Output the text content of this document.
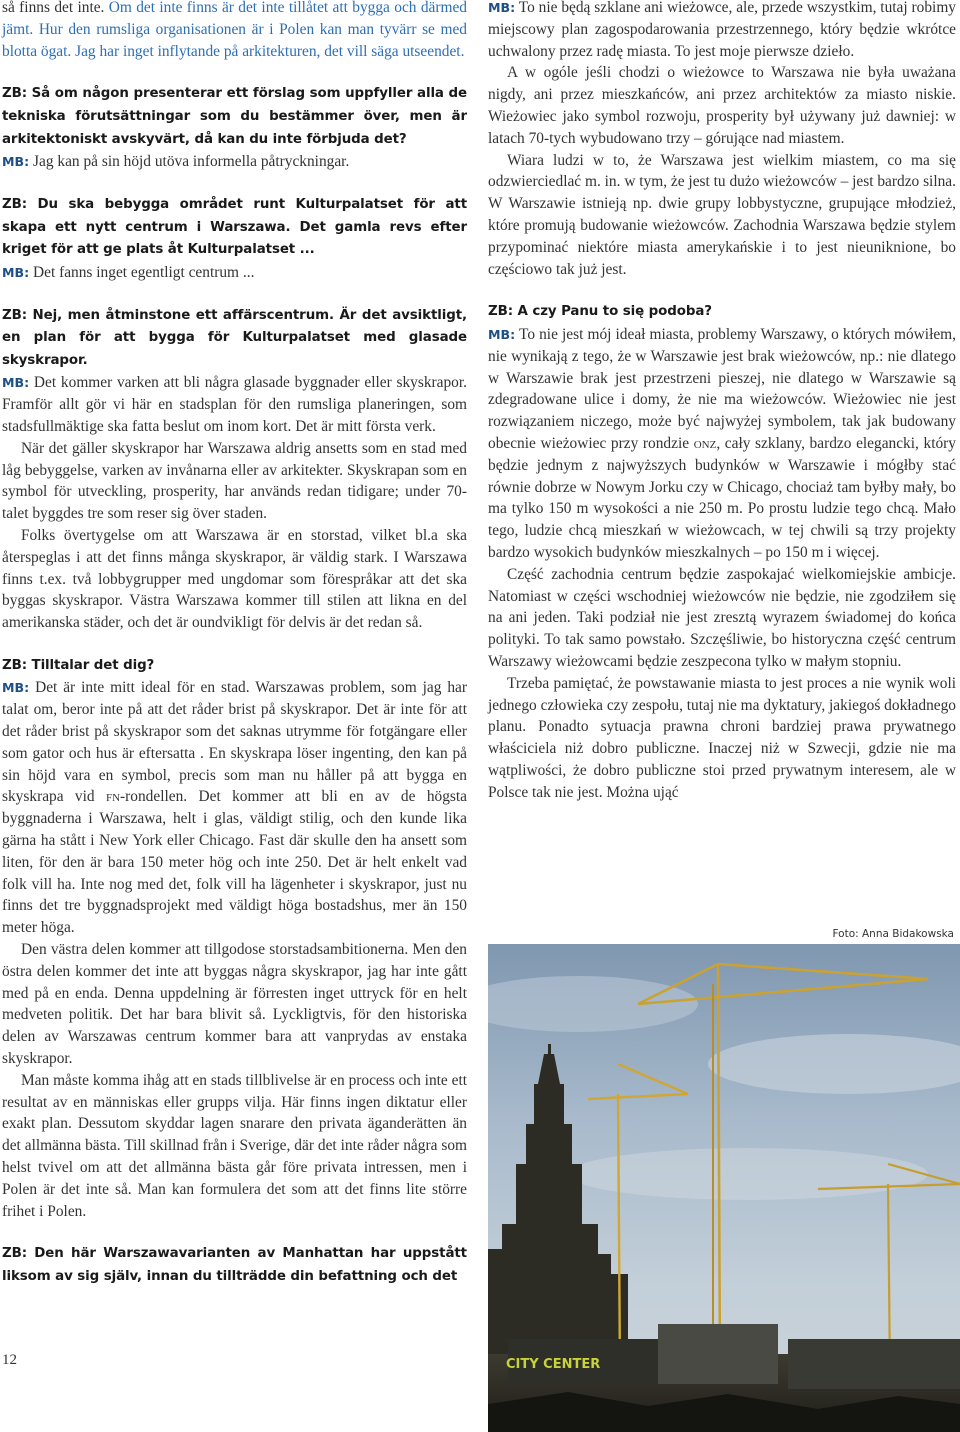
så finns det inte. Om det inte finns är det inte tillåtet att bygga och därmed jämt. Hur den rumsliga organisationen är i Polen kan man tyvärr se med blotta ögat. Jag har inget inflytande på arkitekturen, det vill säga utseendet.

ZB: Så om någon presenterar ett förslag som uppfyller alla de tekniska förutsättningar som du bestämmer över, men är arkitektoniskt avskyvärt, då kan du inte förbjuda det?

MB: Jag kan på sin höjd utöva informella påtryckningar.

ZB: Du ska bebygga området runt Kulturpalatset för att skapa ett nytt centrum i Warszawa. Det gamla revs efter kriget för att ge plats åt Kulturpalatset ...

MB: Det fanns inget egentligt centrum ...

ZB: Nej, men åtminstone ett affärscentrum. Är det avsiktligt, en plan för att bygga för Kulturpalatset med glasade skyskrapor.

MB: Det kommer varken att bli några glasade byggnader eller skyskrapor. Framför allt gör vi här en stadsplan för den rumsliga planeringen, som stadsfullmäktige ska fatta beslut om inom kort. Det är mitt första verk.

När det gäller skyskrapor har Warszawa aldrig ansetts som en stad med låg bebyggelse, varken av invånarna eller av arkitekter. Skyskrapan som en symbol för utveckling, prosperity, har används redan tidigare; under 70-talet byggdes tre som reser sig över staden.

Folks övertygelse om att Warszawa är en storstad, vilket bl.a ska återspeglas i att det finns många skyskrapor, är väldig stark. I Warszawa finns t.ex. två lobbygrupper med ungdomar som förespråkar att det ska byggas skyskrapor. Västra Warszawa kommer till stilen att likna en del amerikanska städer, och det är oundvikligt för delvis är det redan så.

ZB: Tilltalar det dig?

MB: Det är inte mitt ideal för en stad. Warszawas problem, som jag har talat om, beror inte på att det råder brist på skyskrapor. Det är inte för att det råder brist på skyskrapor som det saknas utrymme för fotgängare eller som gator och hus är eftersatta . En skyskrapa löser ingenting, den kan på sin höjd vara en symbol, precis som man nu håller på att bygga en skyskrapa vid fn-rondellen. Det kommer att bli en av de högsta byggnaderna i Warszawa, helt i glas, väldigt stilig, och den kunde lika gärna ha stått i New York eller Chicago. Fast där skulle den ha ansett som liten, för den är bara 150 meter hög och inte 250. Det är helt enkelt vad folk vill ha. Inte nog med det, folk vill ha lägenheter i skyskrapor, just nu finns det tre byggnadsprojekt med väldigt höga bostadshus, mer än 150 meter höga.

Den västra delen kommer att tillgodose storstadsambitionerna. Men den östra delen kommer det inte att byggas några skyskrapor, jag har inte gått med på en enda. Denna uppdelning är förresten inget uttryck för en helt medveten politik. Det har bara blivit så. Lyckligtvis, för den historiska delen av Warszawas centrum kommer bara att vanprydas av enstaka skyskrapor.

Man måste komma ihåg att en stads tillblivelse är en process och inte ett resultat av en människas eller grupps vilja. Här finns ingen diktatur eller exakt plan. Dessutom skyddar lagen snarare den privata äganderätten än det allmänna bästa. Till skillnad från i Sverige, där det inte råder några som helst tvivel om att det allmänna bästa går före privata intressen, men i Polen är det inte så. Man kan formulera det som att det finns lite större frihet i Polen.

ZB: Den här Warszawavarianten av Manhattan har uppstått liksom av sig själv, innan du tillträdde din befattning och det

MB: To nie będą szklane ani wieżowce, ale, przede wszystkim, tutaj robimy miejscowy plan zagospodarowania przestrzennego, który będzie wkrótce uchwalony przez radę miasta. To jest moje pierwsze dzieło.

A w ogóle jeśli chodzi o wieżowce to Warszawa nie była uważana nigdy, ani przez mieszkańców, ani przez architektów za miasto niskie. Wieżowiec jako symbol rozwoju, prosperity był używany już dawniej: w latach 70-tych wybudowano trzy – górujące nad miastem.

Wiara ludzi w to, że Warszawa jest wielkim miastem, co ma się odzwierciedlać m. in. w tym, że jest tu dużo wieżowców – jest bardzo silna. W Warszawie istnieją np. dwie grupy lobbystyczne, grupujące młodzież, które promują budowanie wieżowców. Zachodnia Warszawa będzie stylem przypominać niektóre miasta amerykańskie i to jest nieuniknione, bo częściowo tak już jest.

ZB: A czy Panu to się podoba?

MB: To nie jest mój ideał miasta, problemy Warszawy, o których mówiłem, nie wynikają z tego, że w Warszawie jest brak wieżowców, np.: nie dlatego w Warszawie brak jest przestrzeni pieszej, nie dlatego w Warszawie są zdegradowane ulice i domy, że nie ma wieżowców. Wieżowiec nie jest rozwiązaniem niczego, może być najwyżej symbolem, tak jak budowany obecnie wieżowiec przy rondzie onz, cały szklany, bardzo elegancki, który będzie jednym z najwyższych budynków w Warszawie i mógłby stać równie dobrze w Nowym Jorku czy w Chicago, chociaż tam byłby mały, bo ma tylko 150 m wysokości a nie 250 m. Po prostu ludzie tego chcą. Mało tego, ludzie chcą mieszkań w wieżowcach, w tej chwili są trzy projekty bardzo wysokich budynków mieszkalnych – po 150 m i więcej.

Część zachodnia centrum będzie zaspokajać wielkomiejskie ambicje. Natomiast w części wschodniej wieżowców nie będzie, nie zgodziłem się na ani jeden. Taki podział nie jest zresztą wyrazem świadomej do końca polityki. To tak samo powstało. Szczęśliwie, bo historyczna część centrum Warszawy wieżowcami będzie zeszpecona tylko w małym stopniu.

Trzeba pamiętać, że powstawanie miasta to jest proces a nie wynik woli jednego człowieka czy zespołu, tutaj nie ma dyktatury, jakiegoś dokładnego planu. Ponadto sytuacja prawna chroni bardziej prawa prywatnego właściciela niż dobro publiczne. Inaczej niż w Szwecji, gdzie nie ma wątpliwości, że dobro publiczne stoi przed prywatnym interesem, ale w Polsce tak nie jest. Można ująć

Foto: Anna Bidakowska
CITY CENTER
12
